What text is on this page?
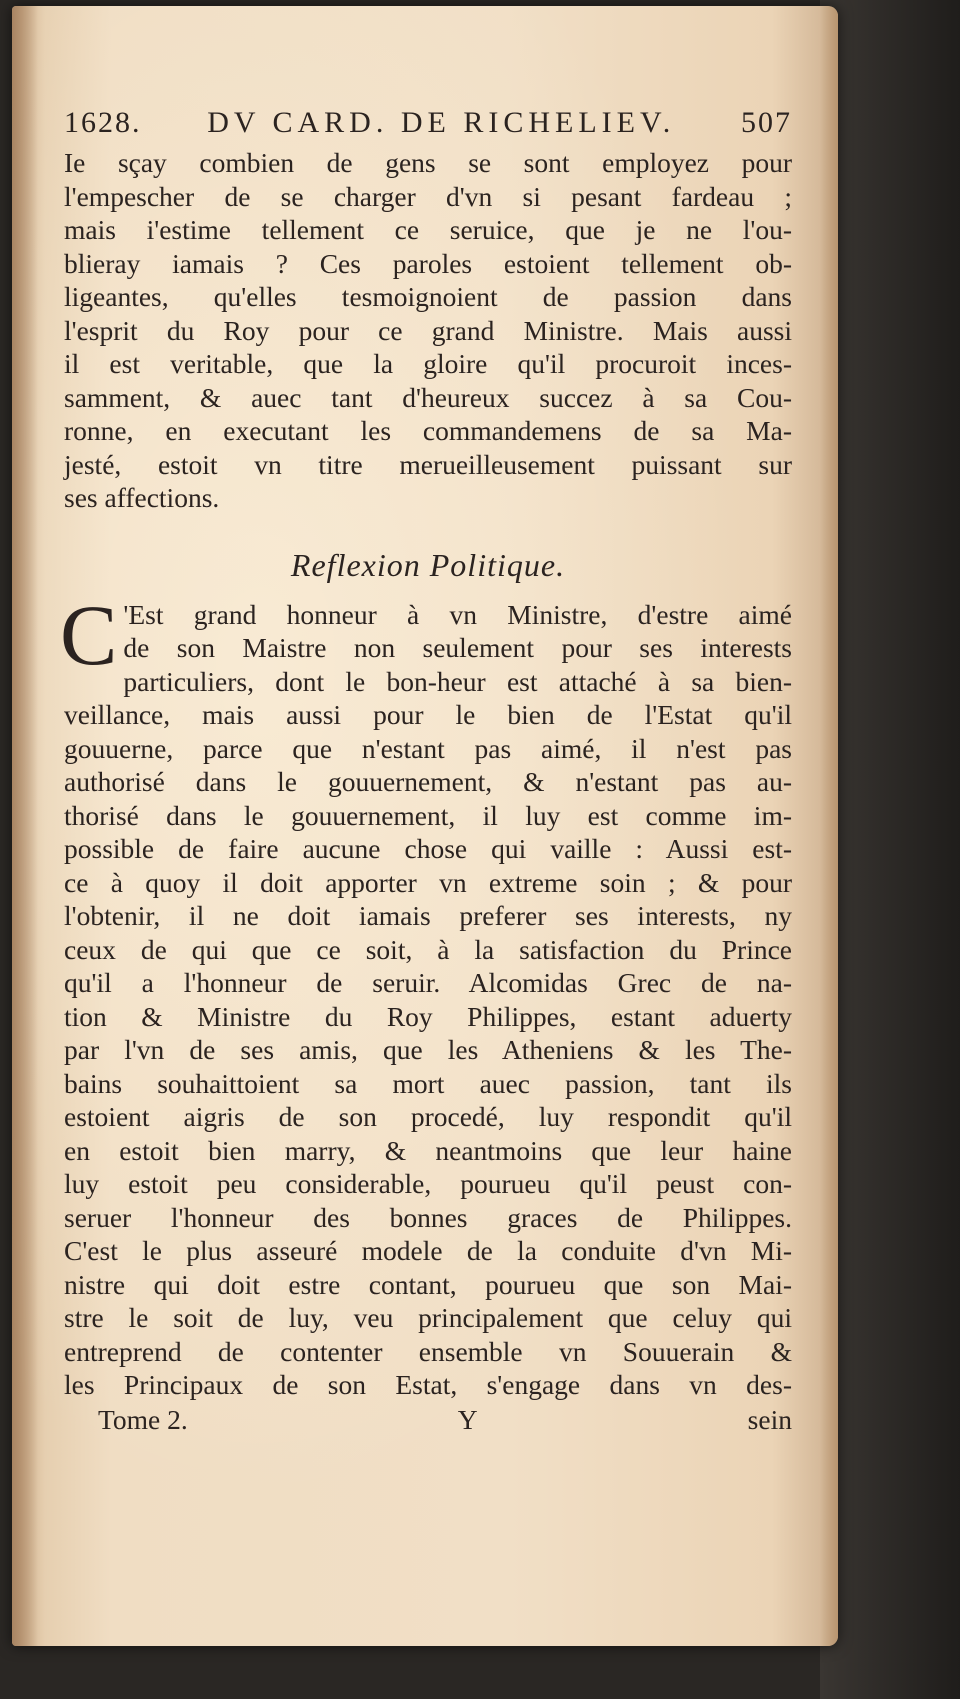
1628. DV CARD. DE RICHELIEV. 507
Ie sçay combien de gens se sont employez pour
l'empescher de se charger d'vn si pesant fardeau ;
mais i'estime tellement ce seruice, que je ne l'ou-
blieray iamais ? Ces paroles estoient tellement ob-
ligeantes, qu'elles tesmoignoient de passion dans
l'esprit du Roy pour ce grand Ministre. Mais aussi
il est veritable, que la gloire qu'il procuroit inces-
samment, & auec tant d'heureux succez à sa Cou-
ronne, en executant les commandemens de sa Ma-
jesté, estoit vn titre merueilleusement puissant sur
ses affections.
Reflexion Politique.
C 'Est grand honneur à vn Ministre, d'estre aimé
de son Maistre non seulement pour ses interests
particuliers, dont le bon-heur est attaché à sa bien-
veillance, mais aussi pour le bien de l'Estat qu'il
gouuerne, parce que n'estant pas aimé, il n'est pas
authorisé dans le gouuernement, & n'estant pas au-
thorisé dans le gouuernement, il luy est comme im-
possible de faire aucune chose qui vaille : Aussi est-
ce à quoy il doit apporter vn extreme soin ; & pour
l'obtenir, il ne doit iamais preferer ses interests, ny
ceux de qui que ce soit, à la satisfaction du Prince
qu'il a l'honneur de seruir. Alcomidas Grec de na-
tion & Ministre du Roy Philippes, estant aduerty
par l'vn de ses amis, que les Atheniens & les The-
bains souhaittoient sa mort auec passion, tant ils
estoient aigris de son procedé, luy respondit qu'il
en estoit bien marry, & neantmoins que leur haine
luy estoit peu considerable, pourueu qu'il peust con-
seruer l'honneur des bonnes graces de Philippes.
C'est le plus asseuré modele de la conduite d'vn Mi-
nistre qui doit estre contant, pourueu que son Mai-
stre le soit de luy, veu principalement que celuy qui
entreprend de contenter ensemble vn Souuerain &
les Principaux de son Estat, s'engage dans vn des-
Tome 2.	Y	sein
